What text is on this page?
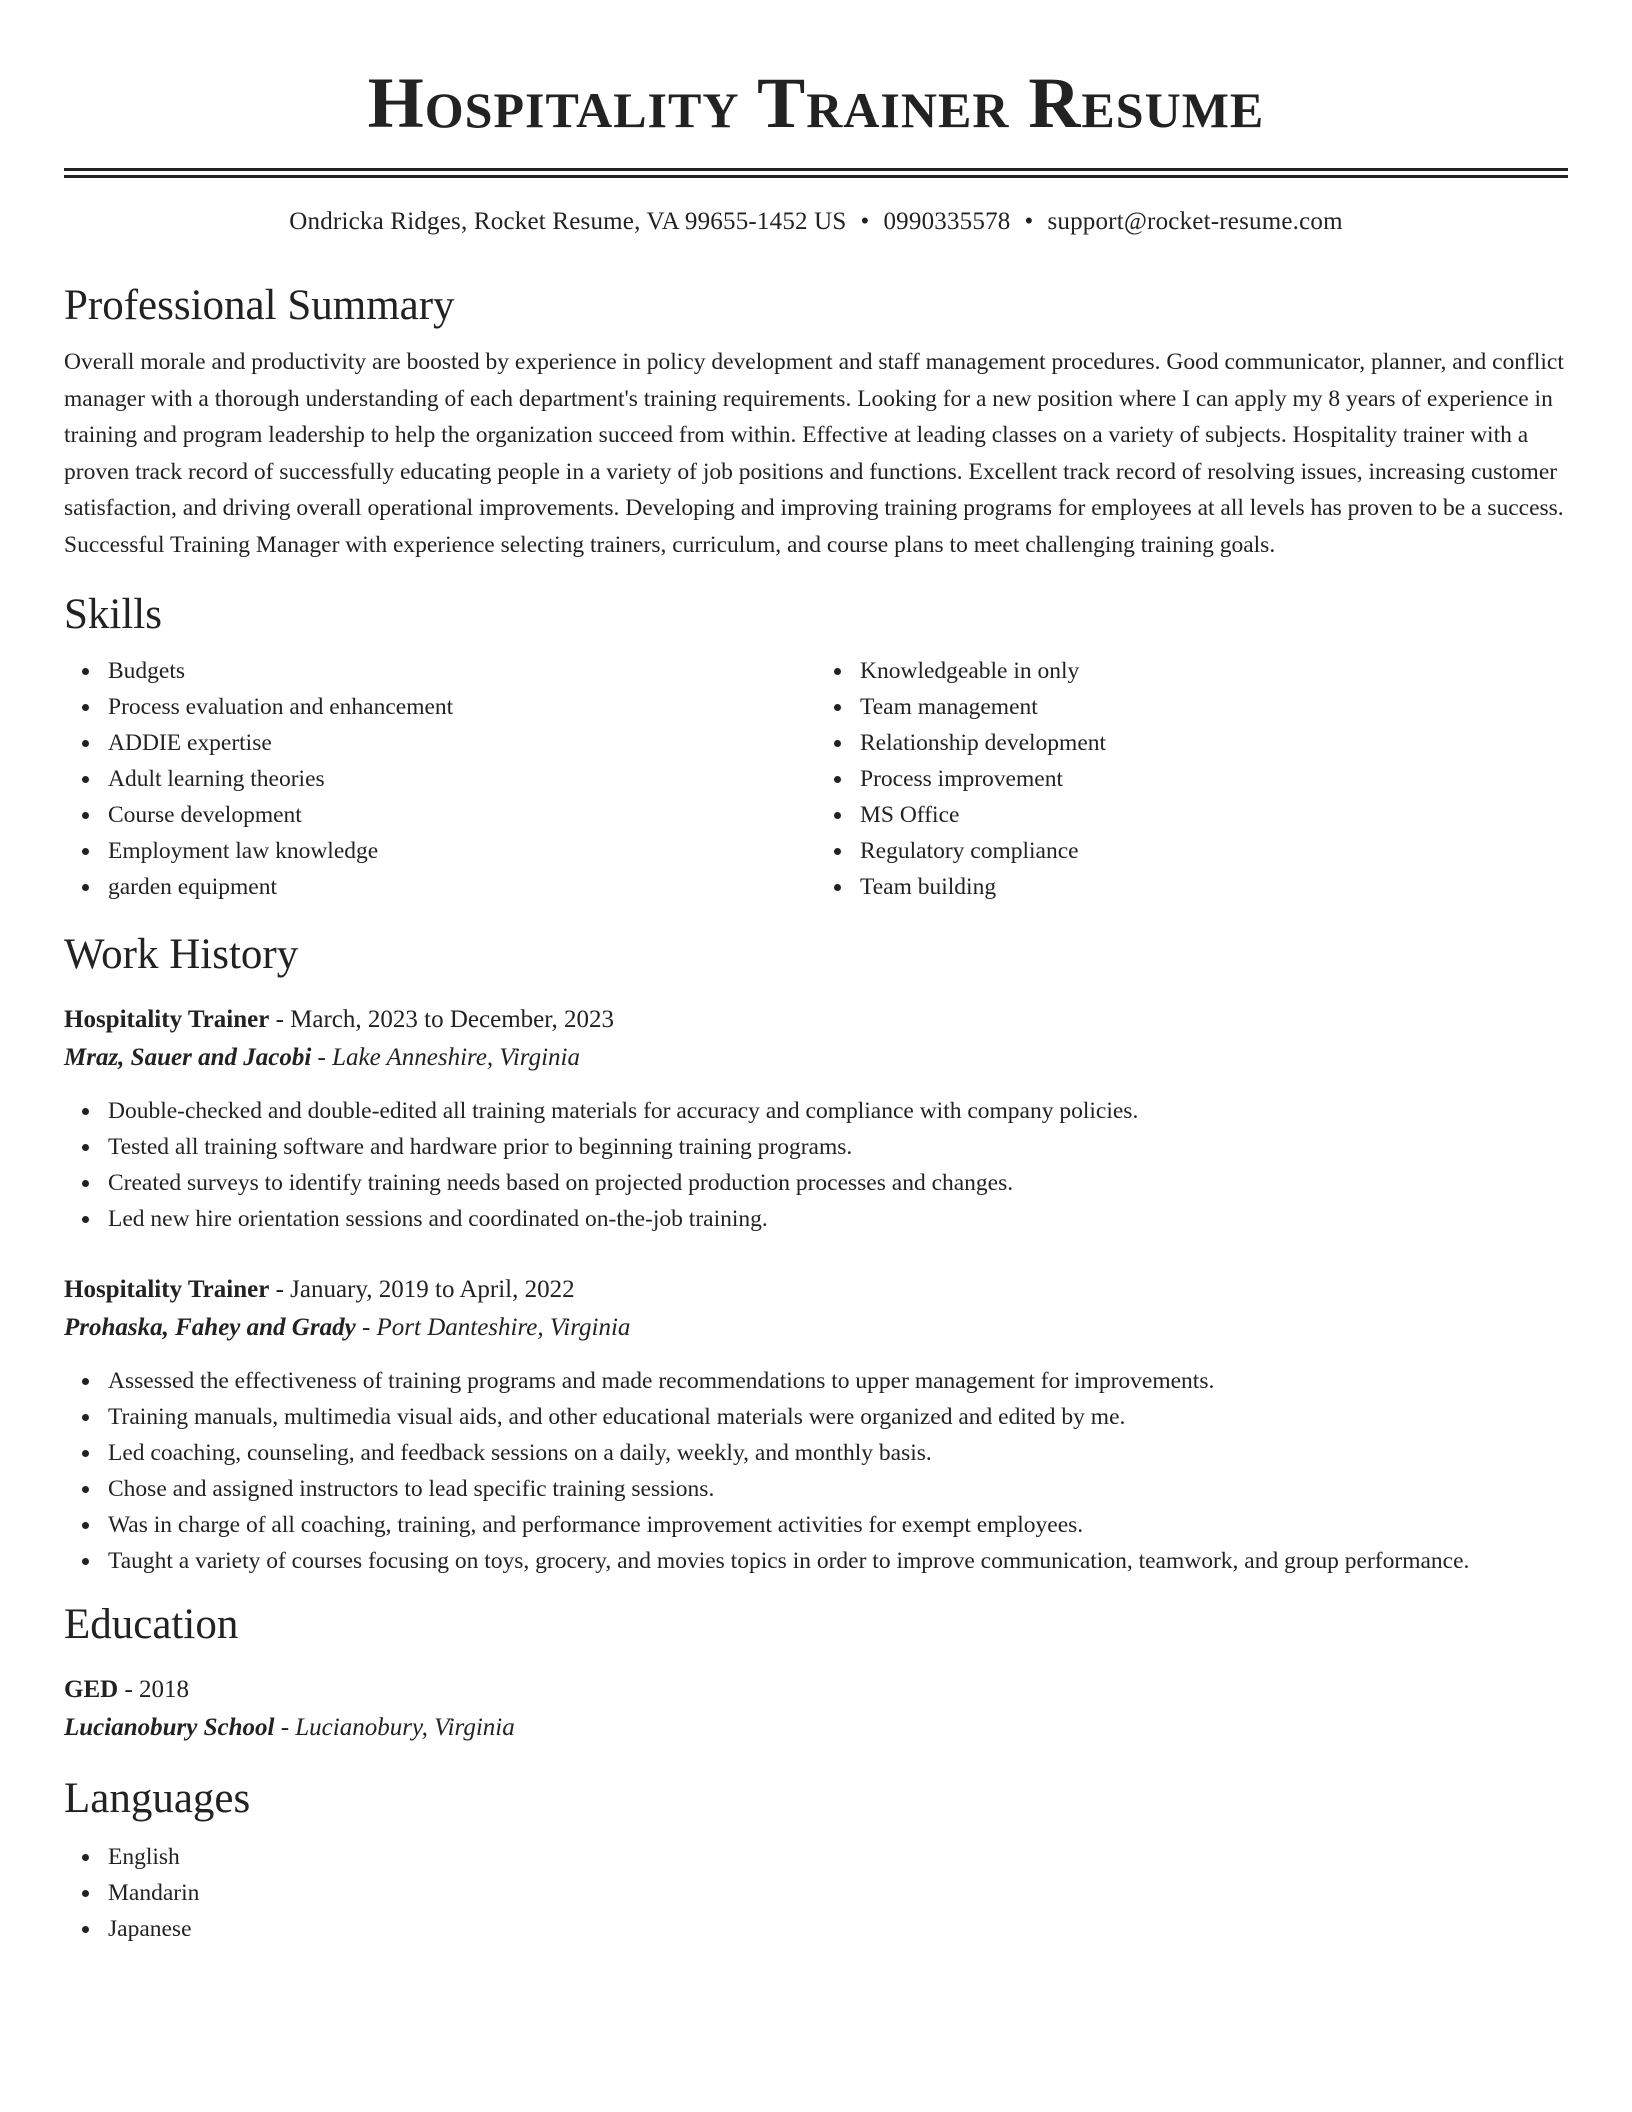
Hospitality Trainer Resume
Ondricka Ridges, Rocket Resume, VA 99655-1452 US • 0990335578 • support@rocket-resume.com
Professional Summary

Overall morale and productivity are boosted by experience in policy development and staff management procedures. Good communicator, planner, and conflict manager with a thorough understanding of each department's training requirements. Looking for a new position where I can apply my 8 years of experience in training and program leadership to help the organization succeed from within. Effective at leading classes on a variety of subjects. Hospitality trainer with a proven track record of successfully educating people in a variety of job positions and functions. Excellent track record of resolving issues, increasing customer satisfaction, and driving overall operational improvements. Developing and improving training programs for employees at all levels has proven to be a success. Successful Training Manager with experience selecting trainers, curriculum, and course plans to meet challenging training goals.

Skills
Budgets
Process evaluation and enhancement
ADDIE expertise
Adult learning theories
Course development
Employment law knowledge
garden equipment
Knowledgeable in only
Team management
Relationship development
Process improvement
MS Office
Regulatory compliance
Team building
Work History
Hospitality Trainer - March, 2023 to December, 2023
Mraz, Sauer and Jacobi - Lake Anneshire, Virginia
Double-checked and double-edited all training materials for accuracy and compliance with company policies.
Tested all training software and hardware prior to beginning training programs.
Created surveys to identify training needs based on projected production processes and changes.
Led new hire orientation sessions and coordinated on-the-job training.
Hospitality Trainer - January, 2019 to April, 2022
Prohaska, Fahey and Grady - Port Danteshire, Virginia
Assessed the effectiveness of training programs and made recommendations to upper management for improvements.
Training manuals, multimedia visual aids, and other educational materials were organized and edited by me.
Led coaching, counseling, and feedback sessions on a daily, weekly, and monthly basis.
Chose and assigned instructors to lead specific training sessions.
Was in charge of all coaching, training, and performance improvement activities for exempt employees.
Taught a variety of courses focusing on toys, grocery, and movies topics in order to improve communication, teamwork, and group performance.
Education
GED - 2018
Lucianobury School - Lucianobury, Virginia
Languages
English
Mandarin
Japanese
